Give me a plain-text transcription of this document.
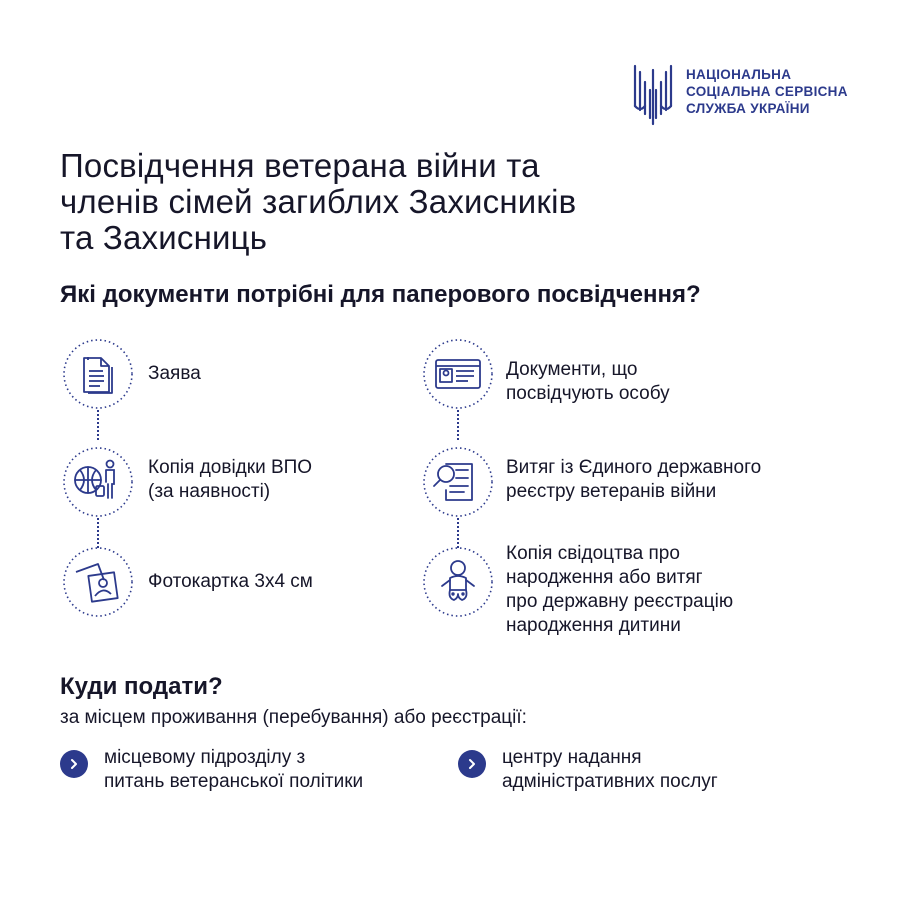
НАЦІОНАЛЬНА
СОЦІАЛЬНА СЕРВІСНА
СЛУЖБА УКРАЇНИ
Посвідчення ветерана війни та
членів сімей загиблих Захисників
та Захисниць
Які документи потрібні для паперового посвідчення?
Заява
Копія довідки ВПО
(за наявності)
Фотокартка 3x4 см
Документи, що
посвідчують особу
Витяг із Єдиного державного
реєстру ветеранів війни
Копія свідоцтва про
народження або витяг
про державну реєстрацію
народження дитини
Куди подати?
за місцем проживання (перебування) або реєстрації:
місцевому підрозділу з
питань ветеранської політики
центру надання
адміністративних послуг
